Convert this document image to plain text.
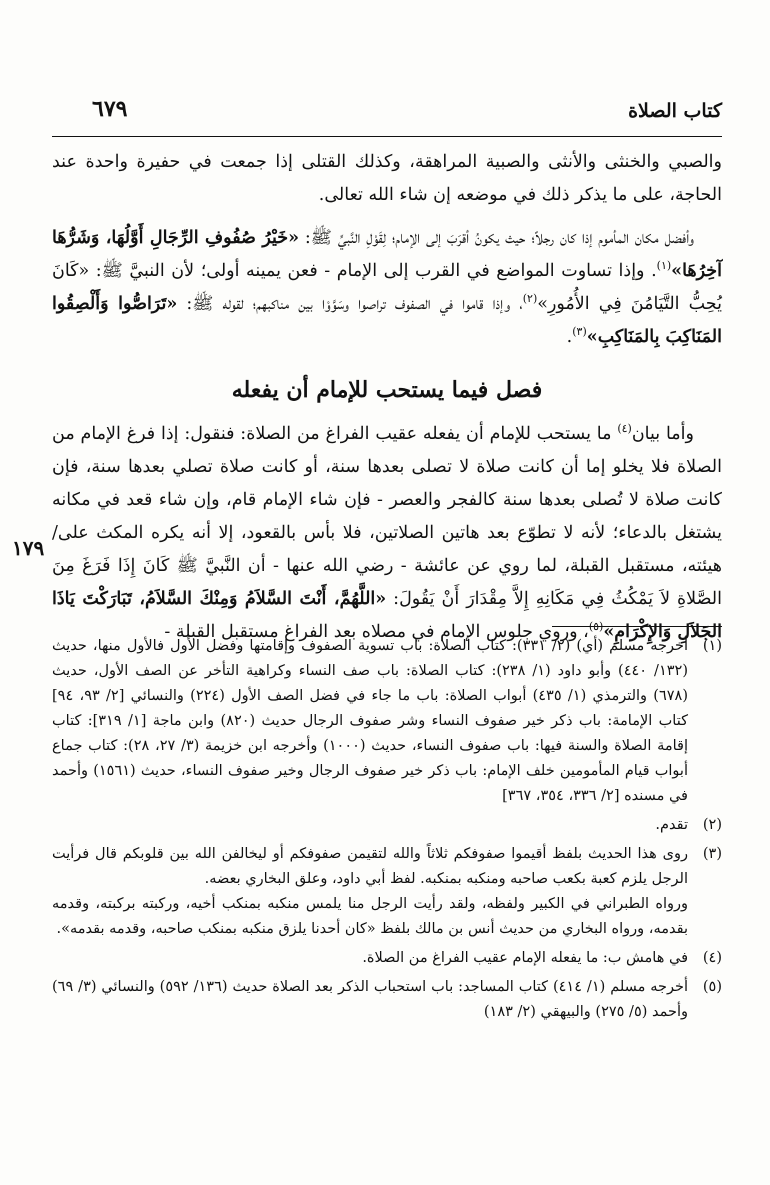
كتاب الصلاة
٦٧٩
١٧٩

والصبي والخنثى والأنثى والصبية المراهقة، وكذلك القتلى إذا جمعت في حفيرة واحدة عند الحاجة، على ما يذكر ذلك في موضعه إن شاء الله تعالى.

وأفضل مكان المأموم إذا كان رجلاً؛ حيث يكونُ أقرَبَ إلى الإمام؛ لِقَوْلِ النَّبيِّ ﷺ: «خَيْرُ صُفُوفِ الرِّجَالِ أَوَّلُهَا، وَشَرُّهَا آخِرُهَا»$^{(١)}$. وإذا تساوت المواضع في القرب إلى الإمام - فعن يمينه أولى؛ لأن النبيَّ ﷺ: «كَانَ يُحِبُّ التَّيَامُنَ فِي الأُمُورِ»$^{(٢)}$، وإذا قاموا في الصفوف تراصوا وسَوَّوْا بين مناكبهم؛ لقوله ﷺ: «تَرَاصُّوا وَأَلْصِقُوا المَنَاكِبَ بِالمَنَاكِبِ»$^{(٣)}$.

فصل فيما يستحب للإمام أن يفعله

وأما بيان$^{(٤)}$ ما يستحب للإمام أن يفعله عقيب الفراغ من الصلاة: فنقول: إذا فرغ الإمام من الصلاة فلا يخلو إما أن كانت صلاة لا تصلى بعدها سنة، أو كانت صلاة تصلي بعدها سنة، فإن كانت صلاة لا تُصلى بعدها سنة كالفجر والعصر - فإن شاء الإمام قام، وإن شاء قعد في مكانه يشتغل بالدعاء؛ لأنه لا تطوّع بعد هاتين الصلاتين، فلا بأس بالقعود، إلا أنه يكره المكث على/ هيئته، مستقبل القبلة، لما روي عن عائشة - رضي الله عنها - أن النَّبيَّ ﷺ كَانَ إِذَا فَرَغَ مِنَ الصَّلاةِ لاَ يَمْكُثُ فِي مَكَانِهِ إِلاَّ مِقْدَارَ أَنْ يَقُولَ: «اللَّهُمَّ، أَنْتَ السَّلاَمُ وَمِنْكَ السَّلاَمُ، تَبَارَكْتَ يَاذَا الجَلاَلِ وَالإِكْرَامِ»$^{(٥)}$، وروي جلوس الإمام في مصلاه بعد الفراغ مستقبل القبلة -

(١)
أخرجه مسلم (أي) (٢/ ٣٣١): كتاب الصلاة: باب تسوية الصفوف وإقامتها وفضل الأول فالأول منها، حديث (١٣٢/ ٤٤٠) وأبو داود (١/ ٢٣٨): كتاب الصلاة: باب صف النساء وكراهية التأخر عن الصف الأول، حديث (٦٧٨) والترمذي (١/ ٤٣٥) أبواب الصلاة: باب ما جاء في فضل الصف الأول (٢٢٤) والنسائي [٢/ ٩٣، ٩٤] كتاب الإمامة: باب ذكر خير صفوف النساء وشر صفوف الرجال حديث (٨٢٠) وابن ماجة [١/ ٣١٩]: كتاب إقامة الصلاة والسنة فيها: باب صفوف النساء، حديث (١٠٠٠) وأخرجه ابن خزيمة (٣/ ٢٧، ٢٨): كتاب جماع أبواب قيام المأمومين خلف الإمام: باب ذكر خير صفوف الرجال وخير صفوف النساء، حديث (١٥٦١) وأحمد في مسنده [٢/ ٣٣٦، ٣٥٤، ٣٦٧]
(٢)
تقدم.
(٣)
روى هذا الحديث بلفظ أقيموا صفوفكم ثلاثاً والله لتقيمن صفوفكم أو ليخالفن الله بين قلوبكم قال فرأيت الرجل يلزم كعبة بكعب صاحبه ومنكبه بمنكبه. لفظ أبي داود، وعلق البخاري بعضه.
ورواه الطبراني في الكبير ولفظه، ولقد رأيت الرجل منا يلمس منكبه بمنكب أخيه، وركبته بركبته، وقدمه بقدمه، ورواه البخاري من حديث أنس بن مالك بلفظ «كان أحدنا يلزق منكبه بمنكب صاحبه، وقدمه بقدمه».
(٤)
في هامش ب: ما يفعله الإمام عقيب الفراغ من الصلاة.
(٥)
أخرجه مسلم (١/ ٤١٤) كتاب المساجد: باب استحباب الذكر بعد الصلاة حديث (١٣٦/ ٥٩٢) والنسائي (٣/ ٦٩) وأحمد (٥/ ٢٧٥) والبيهقي (٢/ ١٨٣)
